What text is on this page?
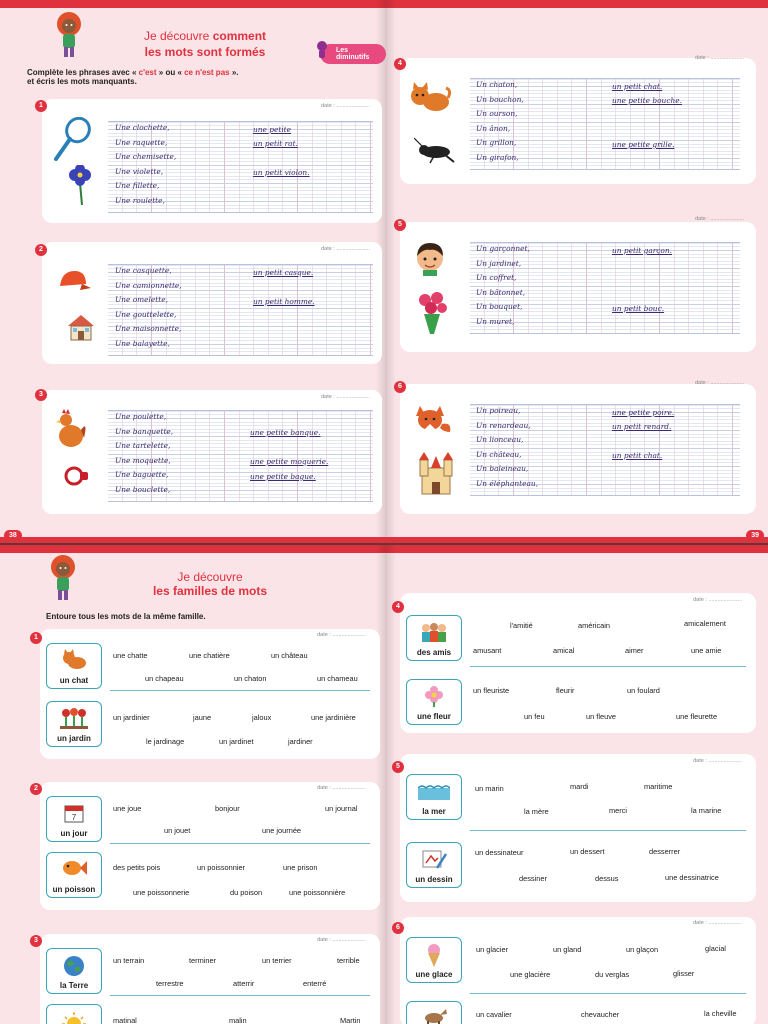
Je découvre comment
les mots sont formés	Les diminutifs
Complète les phrases avec « c'est » ou « ce n'est pas ».
et écris les mots manquants.
date : ......................
Une clochette,
Une raquette,
Une chemisette,
Une violette,
Une fillette,
Une roulette,
une petite
un petit rat.
un petit violon.
date : ......................
Une casquette,
Une camionnette,
Une omelette,
Une gouttelette,
Une maisonnette,
Une balayette,
un petit casque.
un petit homme.
date : ......................
Une poulette,
Une banquette,
Une tartelette,
Une moquette,
Une baguette,
Une bouclette,
une petite banque.
une petite moquerie.
une petite bague.
38
date : ......................
Un chaton,
Un bouchon,
Un ourson,
Un ânon,
Un grillon,
Un girafon,
un petit chat.
une petite bouche.
une petite grille.
4
date : ......................
Un garçonnet,
Un jardinet,
Un coffret,
Un bâtonnet,
Un bouquet,
Un muret,
un petit garçon.
un petit bouc.
5
date : ......................
Un poireau,
Un renardeau,
Un lionceau,
Un château,
Un baleineau,
Un éléphanteau,
une petite poire.
un petit renard.
un petit chat.
6
39
1
2
3
Je découvre
les familles de mots
Entoure tous les mots de la même famille.
date : ......................
un chat
une chatte	une chatière	un château
un chapeau	un chaton	un chameau
un jardin
un jardinier	jaune	jaloux	une jardinière
le jardinage	un jardinet	jardiner
1
date : ......................
7
un jour
une joue	bonjour	un journal
un jouet	une journée
un poisson
des petits pois	un poissonnier	une prison
une poissonnerie	du poison	une poissonnière
2
date : ......................
la Terre
un terrain	terminer	un terrier	terrible
terrestre	atterrir	enterré
matinal	malin	Martin
3
date : ......................
des amis
l'amitié	américain	amicalement
amusant	amical	aimer	une amie
une fleur
un fleuriste	fleurir	un foulard
un feu	un fleuve	une fleurette
4
date : ......................
la mer
un marin	mardi	maritime
la mère	merci	la marine
un dessin
un dessinateur	un dessert	desserrer
dessiner	dessus	une dessinatrice
5
date : ......................
une glace
un glacier	un gland	un glaçon	glacial
une glacière	du verglas	glisser
un cavalier	chevaucher	la cheville
6
